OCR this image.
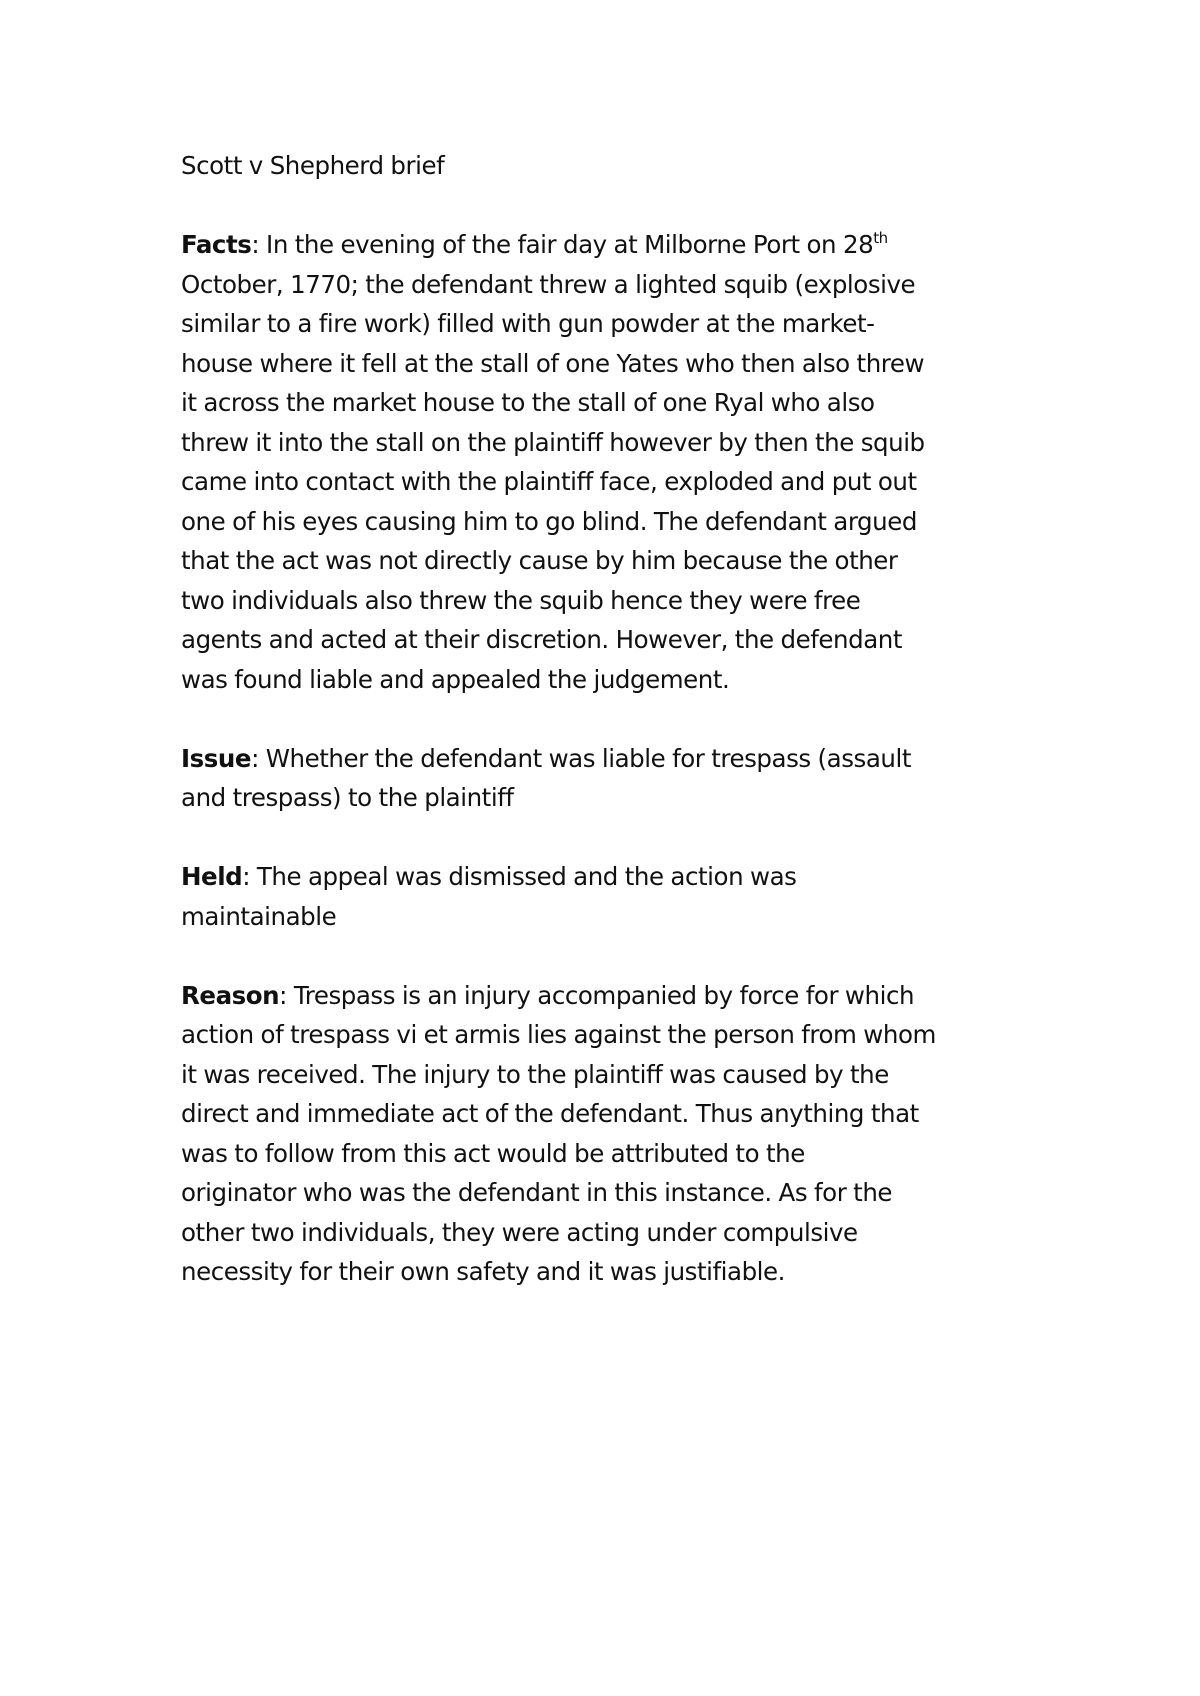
Scott v Shepherd brief

Facts: In the evening of the fair day at Milborne Port on 28th
October, 1770; the defendant threw a lighted squib (explosive
similar to a fire work) filled with gun powder at the market-
house where it fell at the stall of one Yates who then also threw
it across the market house to the stall of one Ryal who also
threw it into the stall on the plaintiff however by then the squib
came into contact with the plaintiff face, exploded and put out
one of his eyes causing him to go blind. The defendant argued
that the act was not directly cause by him because the other
two individuals also threw the squib hence they were free
agents and acted at their discretion. However, the defendant
was found liable and appealed the judgement.
Issue: Whether the defendant was liable for trespass (assault
and trespass) to the plaintiff
Held: The appeal was dismissed and the action was
maintainable
Reason: Trespass is an injury accompanied by force for which
action of trespass vi et armis lies against the person from whom
it was received. The injury to the plaintiff was caused by the
direct and immediate act of the defendant. Thus anything that
was to follow from this act would be attributed to the
originator who was the defendant in this instance. As for the
other two individuals, they were acting under compulsive
necessity for their own safety and it was justifiable.
